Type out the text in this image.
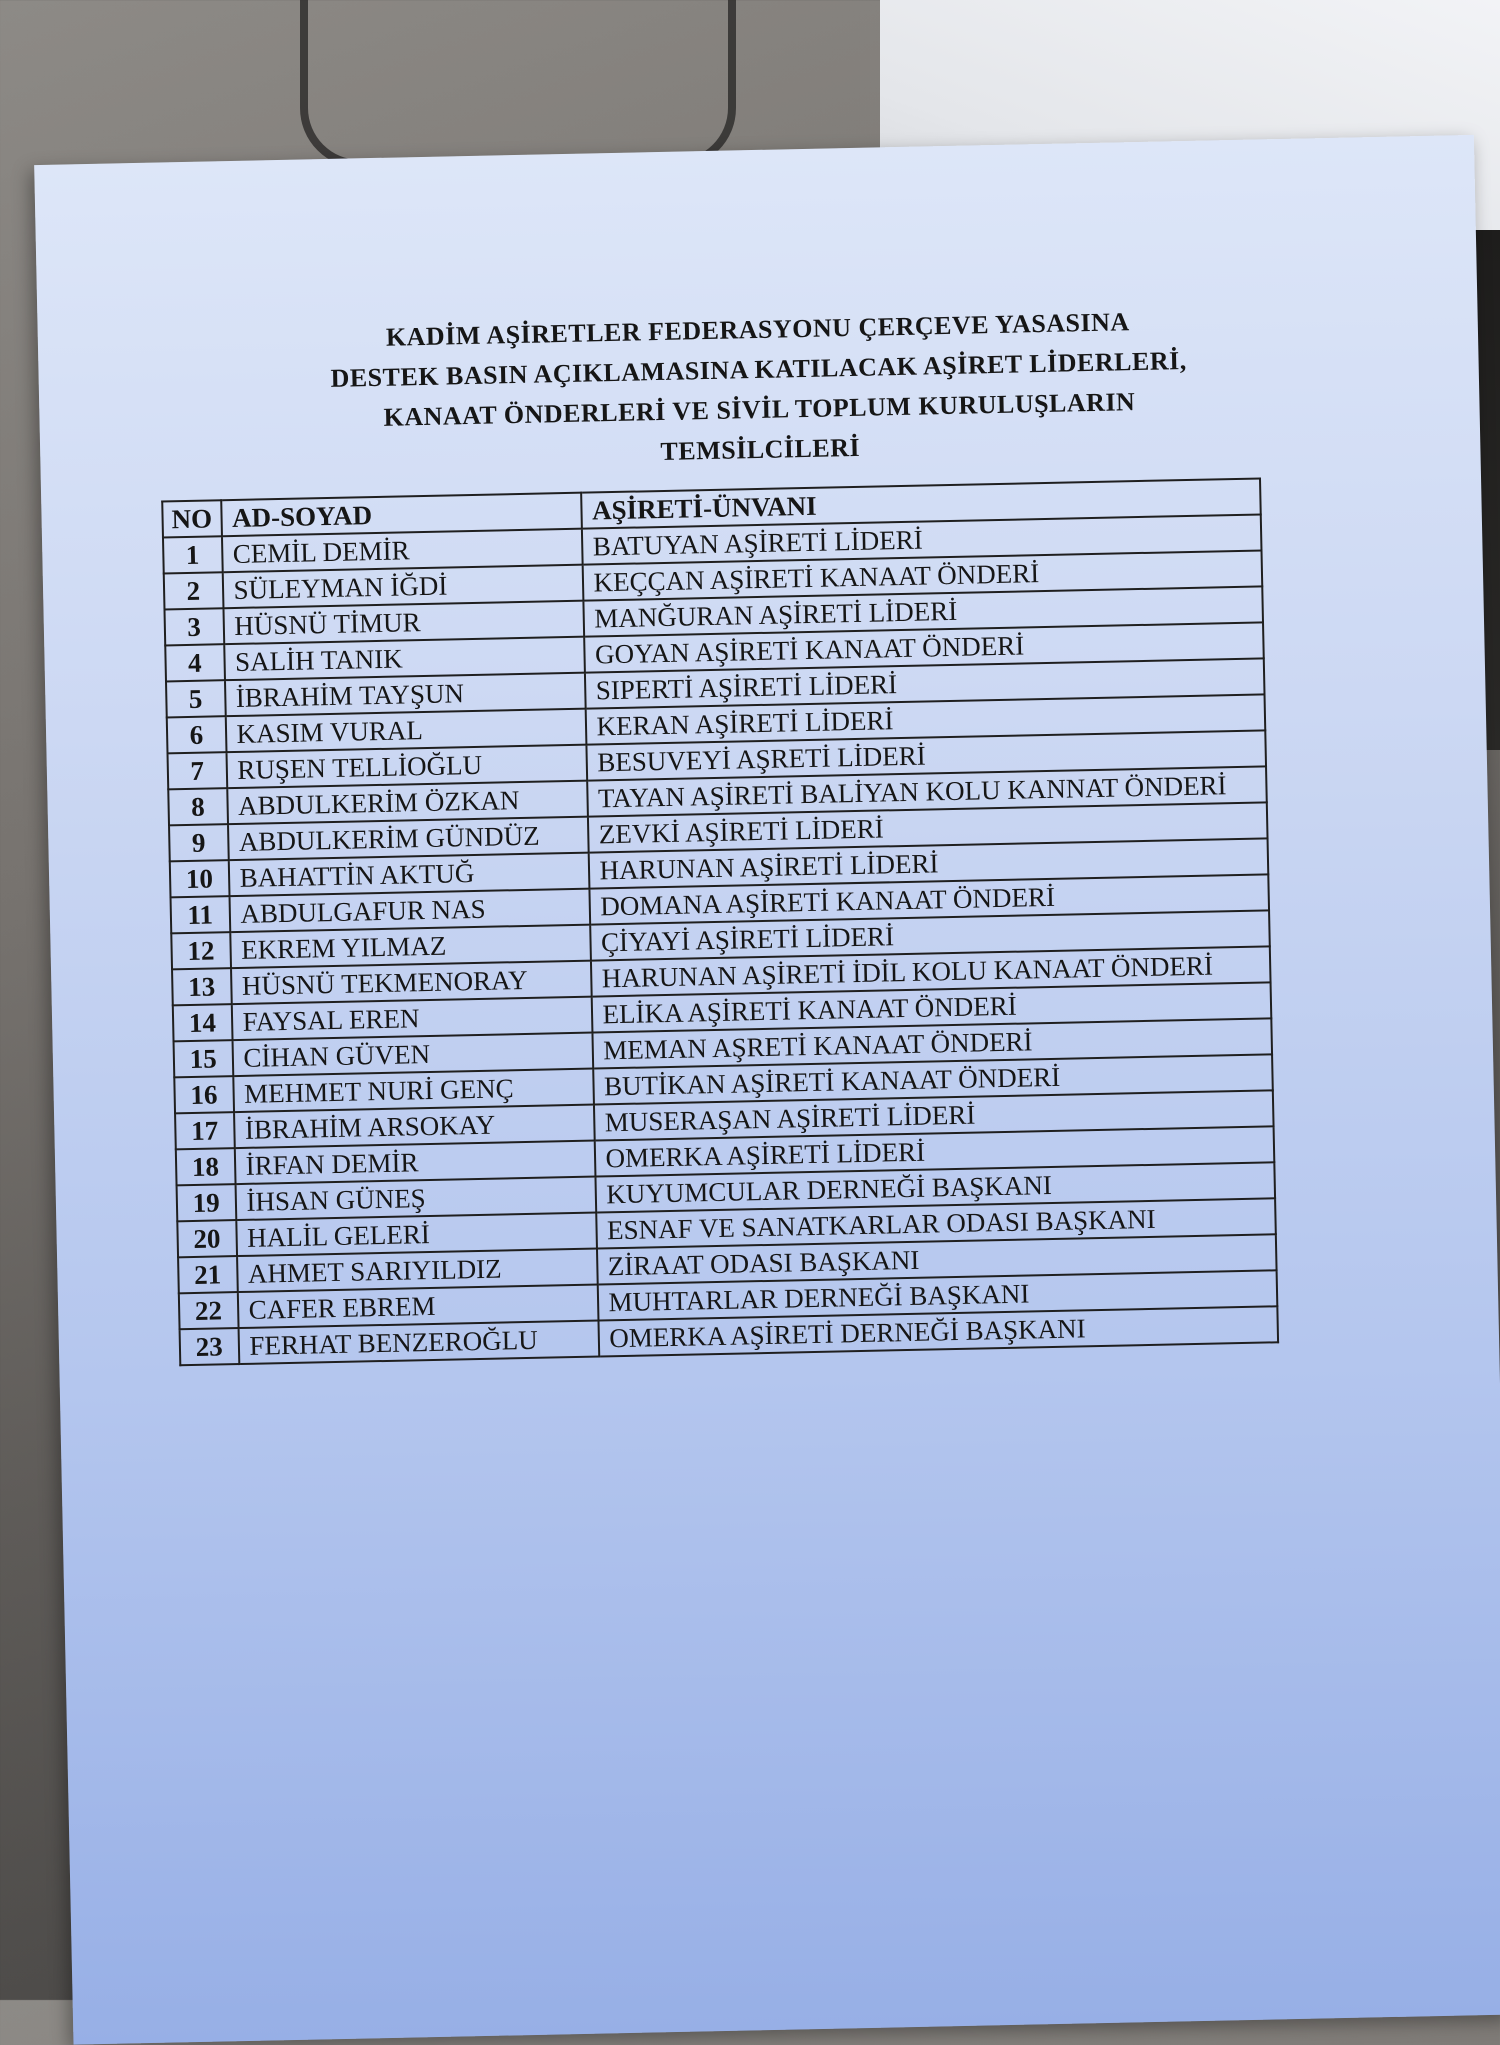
KADİM AŞİRETLER FEDERASYONU ÇERÇEVE YASASINA
DESTEK BASIN AÇIKLAMASINA KATILACAK AŞİRET LİDERLERİ,
KANAAT ÖNDERLERİ VE SİVİL TOPLUM KURULUŞLARIN
TEMSİLCİLERİ
NO	AD-SOYAD	AŞİRETİ-ÜNVANI
1	CEMİL DEMİR	BATUYAN AŞİRETİ LİDERİ
2	SÜLEYMAN İĞDİ	KEÇÇAN AŞİRETİ KANAAT ÖNDERİ
3	HÜSNÜ TİMUR	MANĞURAN AŞİRETİ LİDERİ
4	SALİH TANIK	GOYAN AŞİRETİ KANAAT ÖNDERİ
5	İBRAHİM TAYŞUN	SIPERTİ AŞİRETİ LİDERİ
6	KASIM VURAL	KERAN AŞİRETİ LİDERİ
7	RUŞEN TELLİOĞLU	BESUVEYİ AŞRETİ LİDERİ
8	ABDULKERİM ÖZKAN	TAYAN AŞİRETİ BALİYAN KOLU KANNAT ÖNDERİ
9	ABDULKERİM GÜNDÜZ	ZEVKİ AŞİRETİ LİDERİ
10	BAHATTİN AKTUĞ	HARUNAN AŞİRETİ LİDERİ
11	ABDULGAFUR NAS	DOMANA AŞİRETİ KANAAT ÖNDERİ
12	EKREM YILMAZ	ÇİYAYİ AŞİRETİ LİDERİ
13	HÜSNÜ TEKMENORAY	HARUNAN AŞİRETİ İDİL KOLU KANAAT ÖNDERİ
14	FAYSAL EREN	ELİKA AŞİRETİ KANAAT ÖNDERİ
15	CİHAN GÜVEN	MEMAN AŞRETİ KANAAT ÖNDERİ
16	MEHMET NURİ GENÇ	BUTİKAN AŞİRETİ KANAAT ÖNDERİ
17	İBRAHİM ARSOKAY	MUSERAŞAN AŞİRETİ LİDERİ
18	İRFAN DEMİR	OMERKA AŞİRETİ LİDERİ
19	İHSAN GÜNEŞ	KUYUMCULAR DERNEĞİ BAŞKANI
20	HALİL GELERİ	ESNAF VE SANATKARLAR ODASI BAŞKANI
21	AHMET SARIYILDIZ	ZİRAAT ODASI BAŞKANI
22	CAFER EBREM	MUHTARLAR DERNEĞİ BAŞKANI
23	FERHAT BENZEROĞLU	OMERKA AŞİRETİ DERNEĞİ BAŞKANI
